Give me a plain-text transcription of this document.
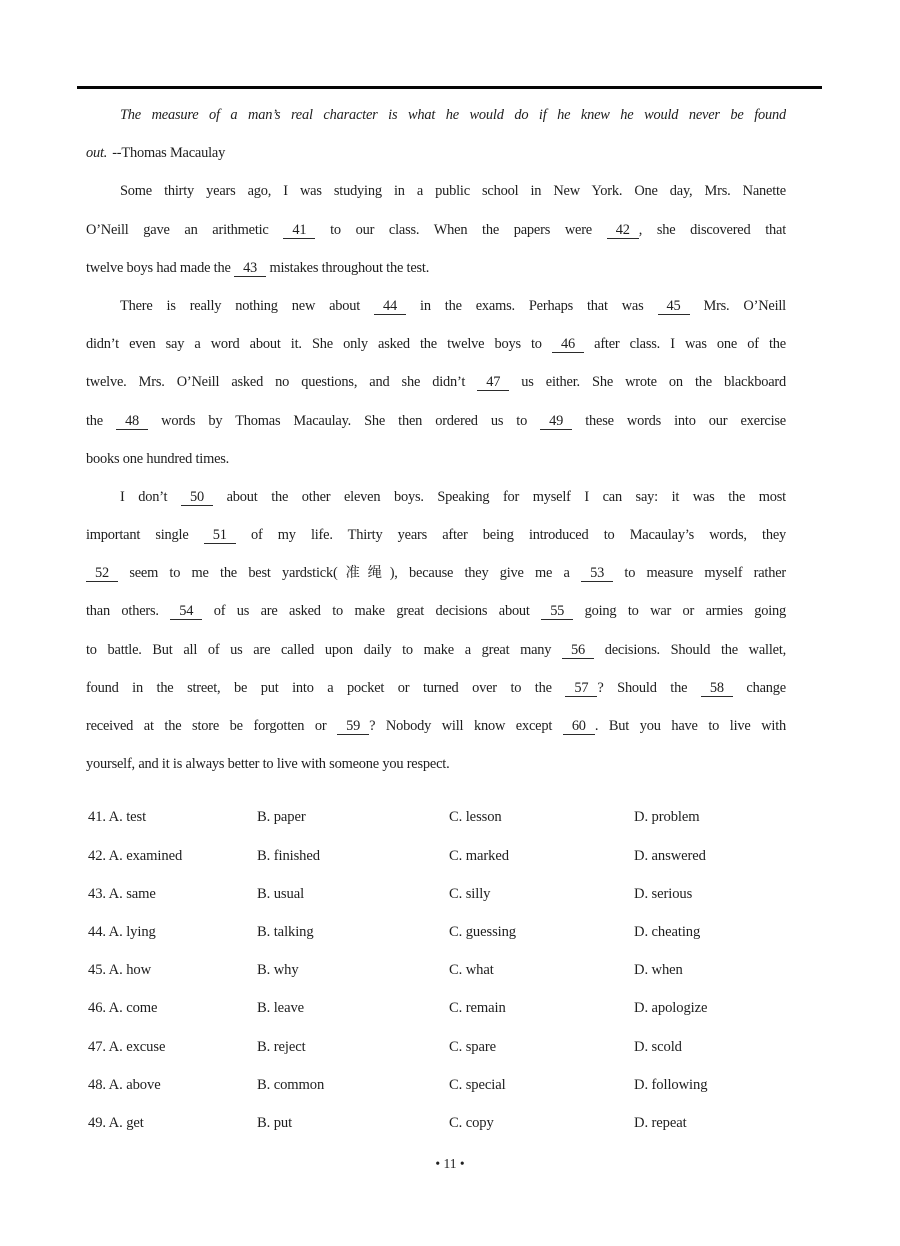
The measure of a man’s real character is what he would do if he knew he would never be found
out. --Thomas Macaulay
Some thirty years ago, I was studying in a public school in New York. One day, Mrs. Nanette
O’Neill gave an arithmetic 41 to our class. When the papers were 42 , she discovered that
twelve boys had made the 43 mistakes throughout the test.
There is really nothing new about 44 in the exams. Perhaps that was 45 Mrs. O’Neill
didn’t even say a word about it. She only asked the twelve boys to 46 after class. I was one of the
twelve. Mrs. O’Neill asked no questions, and she didn’t 47 us either. She wrote on the blackboard
the 48 words by Thomas Macaulay. She then ordered us to 49 these words into our exercise
books one hundred times.
I don’t 50 about the other eleven boys. Speaking for myself I can say: it was the most
important single 51 of my life. Thirty years after being introduced to Macaulay’s words, they
52 seem to me the best yardstick(准绳), because they give me a 53 to measure myself rather
than others. 54 of us are asked to make great decisions about 55 going to war or armies going
to battle. But all of us are called upon daily to make a great many 56 decisions. Should the wallet,
found in the street, be put into a pocket or turned over to the 57 ? Should the 58 change
received at the store be forgotten or 59 ? Nobody will know except 60 . But you have to live with
yourself, and it is always better to live with someone you respect.
41. A. test	B. paper	C. lesson	D. problem
42. A. examined	B. finished	C. marked	D. answered
43. A. same	B. usual	C. silly	D. serious
44. A. lying	B. talking	C. guessing	D. cheating
45. A. how	B. why	C. what	D. when
46. A. come	B. leave	C. remain	D. apologize
47. A. excuse	B. reject	C. spare	D. scold
48. A. above	B. common	C. special	D. following
49. A. get	B. put	C. copy	D. repeat
• 11 •
